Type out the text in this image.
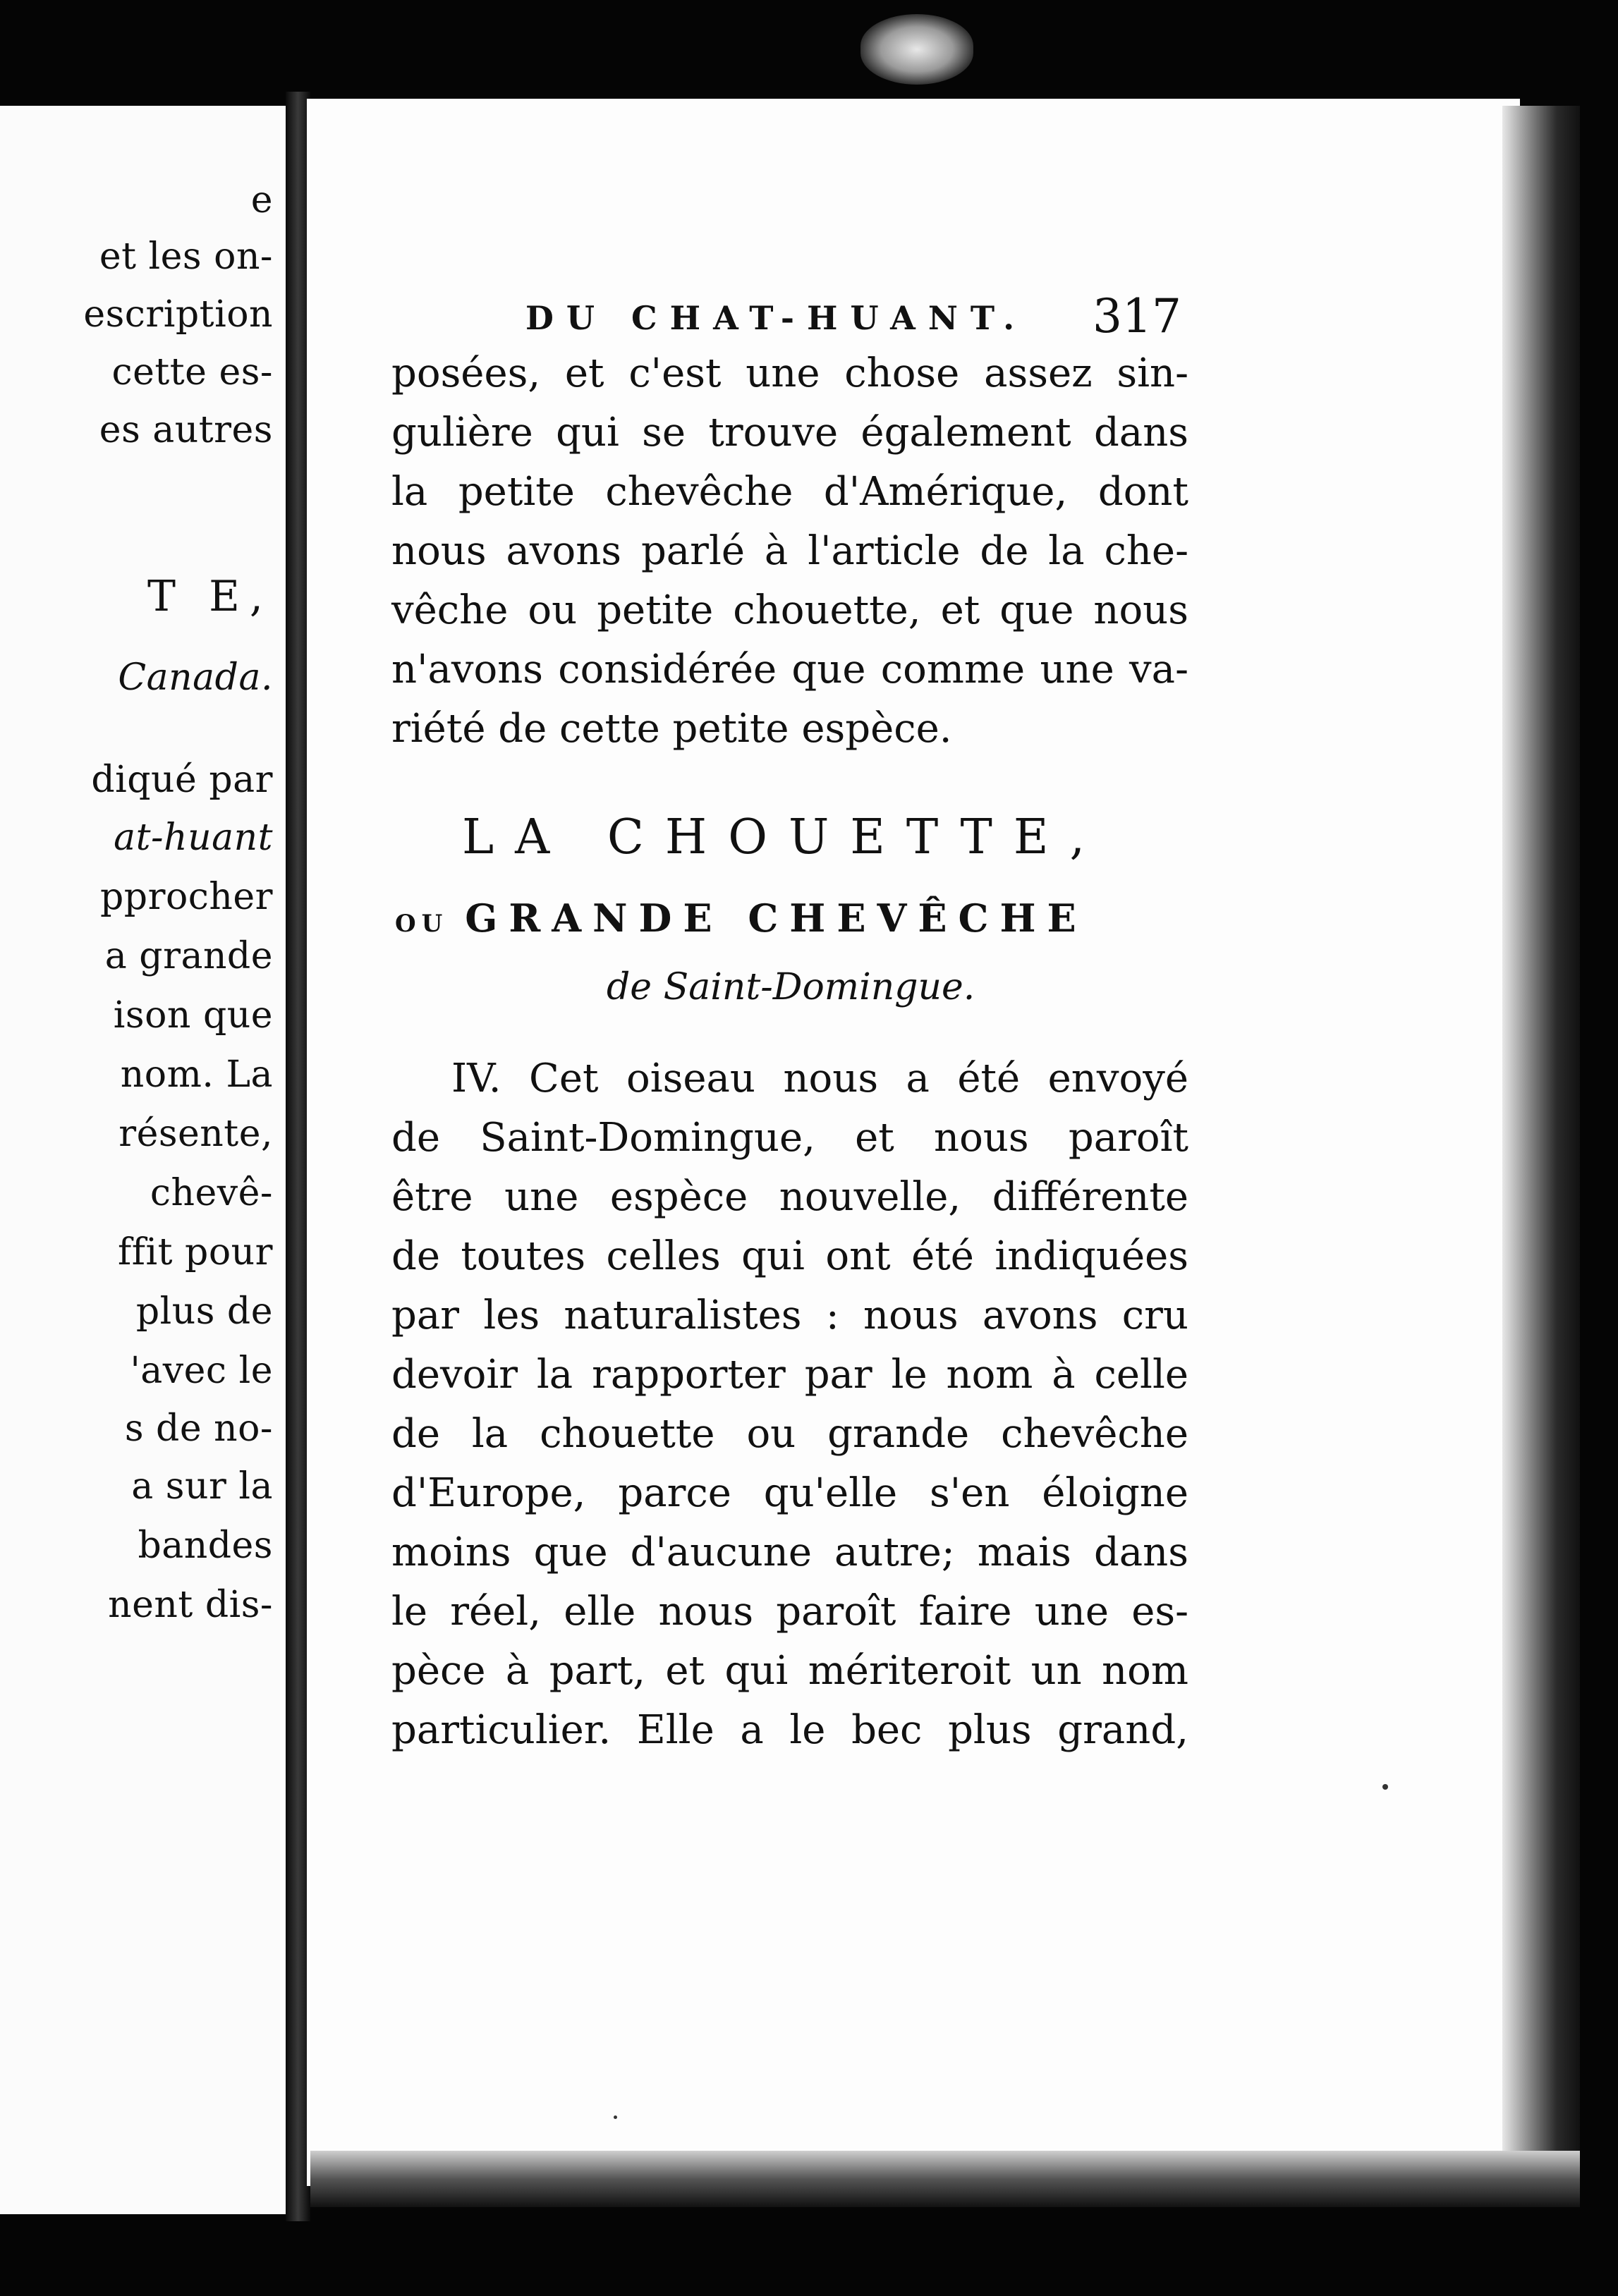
e
et les on-
escription
cette es-
es autres
T E,
Canada.
diqué par
at-huant
pprocher
a grande
ison que
nom. La
résente,
chevê-
ffit pour
plus de
'avec le
s de no-
a sur la
bandes
nent dis-
DU CHAT-HUANT. 317
posées, et c'est une chose assez sin-
gulière qui se trouve également dans
la petite chevêche d'Amérique, dont
nous avons parlé à l'article de la che-
vêche ou petite chouette, et que nous
n'avons considérée que comme une va-
riété de cette petite espèce.
LA CHOUETTE,
OU GRANDE CHEVÊCHE
de Saint-Domingue.
IV. Cet oiseau nous a été envoyé
de Saint-Domingue, et nous paroît
être une espèce nouvelle, différente
de toutes celles qui ont été indiquées
par les naturalistes : nous avons cru
devoir la rapporter par le nom à celle
de la chouette ou grande chevêche
d'Europe, parce qu'elle s'en éloigne
moins que d'aucune autre; mais dans
le réel, elle nous paroît faire une es-
pèce à part, et qui mériteroit un nom
particulier. Elle a le bec plus grand,
